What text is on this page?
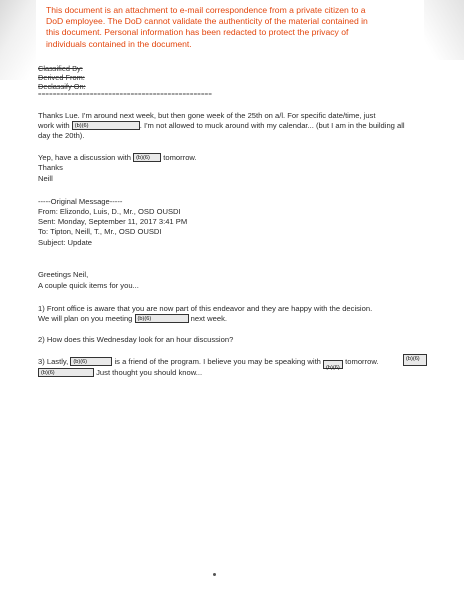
This document is an attachment to e-mail correspondence from a private citizen to a
DoD employee. The DoD cannot validate the authenticity of the material contained in
this document. Personal information has been redacted to protect the privacy of
individuals contained in the document.
Classified By:
Derived From:
Declassify On:
===============================================
Thanks Lue. I'm around next week, but then gone week of the 25th on a/l. For specific date/time, just
work with (b)(6)	. I'm not allowed to muck around with my calendar... (but I am in the building all
day the 20th).
Yep, have a discussion with (b)(6) tomorrow.
Thanks
Neill
-----Original Message-----
From: Elizondo, Luis, D., Mr., OSD OUSDI
Sent: Monday, September 11, 2017 3:41 PM
To: Tipton, Neill, T., Mr., OSD OUSDI
Subject: Update
Greetings Neil,
A couple quick items for you...
1) Front office is aware that you are now part of this endeavor and they are happy with the decision.
We will plan on you meeting (b)(6)	next week.
2) How does this Wednesday look for an hour discussion?
3) Lastly, (b)(6)	is a friend of the program. I believe you may be speaking with
(b)(6)
tomorrow.	(b)(6)
(b)(6)	Just thought you should know...
